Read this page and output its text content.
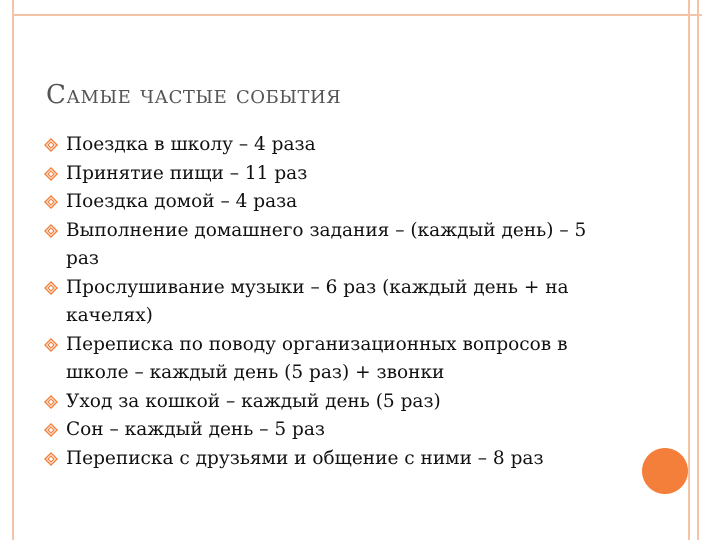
Самые частые события
Поездка в школу – 4 раза
Принятие пищи – 11 раз
Поездка домой – 4 раза
Выполнение домашнего задания – (каждый день) – 5 раз
Прослушивание музыки – 6 раз (каждый день + на качелях)
Переписка по поводу организационных вопросов в школе – каждый день (5 раз) + звонки
Уход за кошкой – каждый день (5 раз)
Сон – каждый день – 5 раз
Переписка с друзьями и общение с ними – 8 раз
